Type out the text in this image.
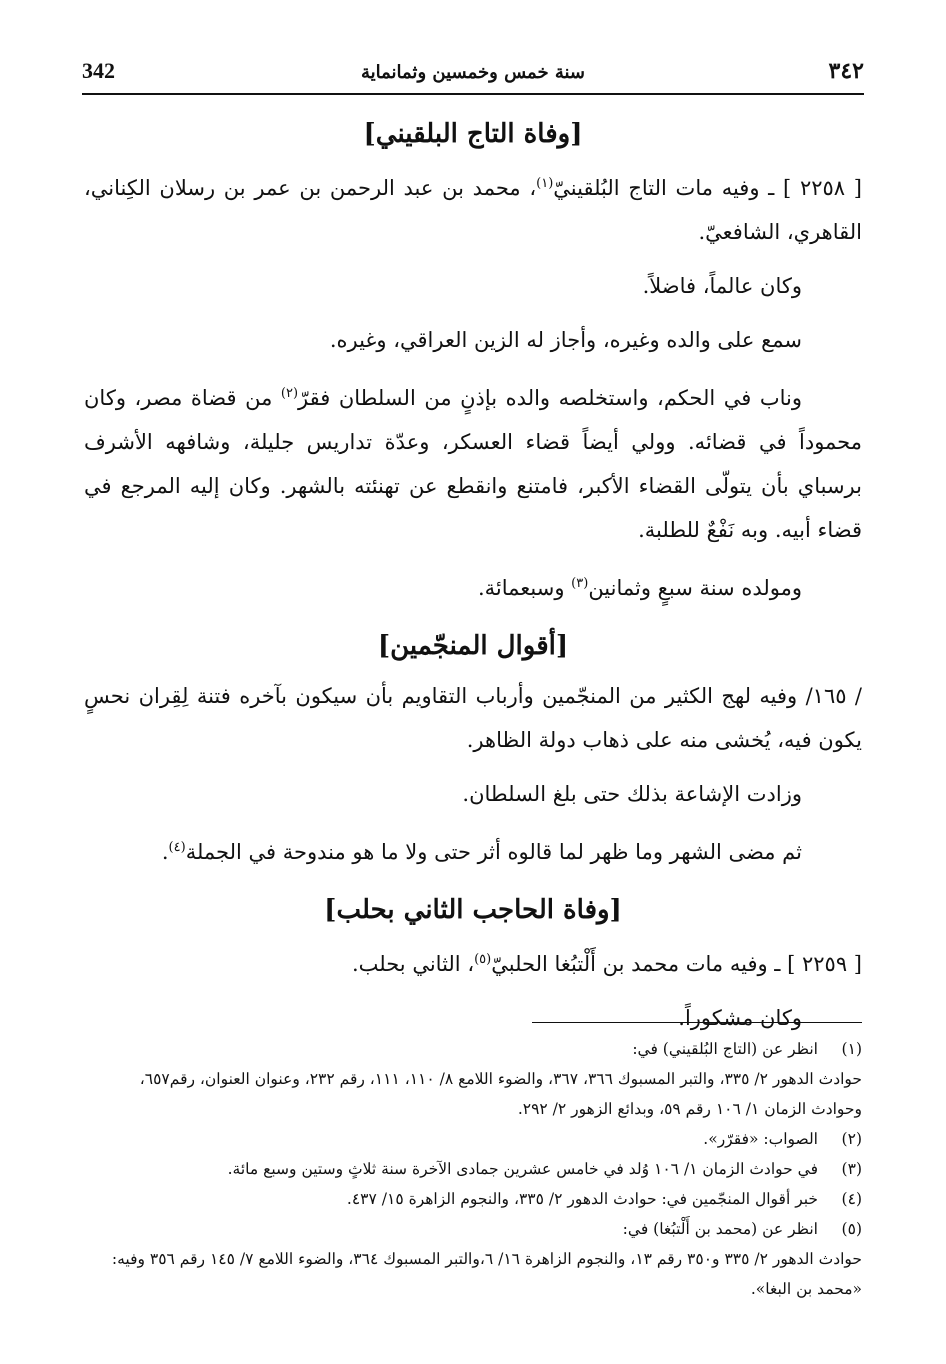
342	سنة خمس وخمسين وثمانماية	٣٤٢
[وفاة التاج البلقيني]

[ ٢٢٥٨ ] ـ وفيه مات التاج البُلقينيّ$^{(١)}$، محمد بن عبد الرحمن بن عمر بن رسلان الكِناني، القاهري، الشافعيّ.

وكان عالماً، فاضلاً.

سمع على والده وغيره، وأجاز له الزين العراقي، وغيره.

وناب في الحكم، واستخلصه والده بإذنٍ من السلطان فقرّ$^{(٢)}$ من قضاة مصر، وكان محموداً في قضائه. وولي أيضاً قضاء العسكر، وعدّة تداريس جليلة، وشافهه الأشرف برسباي بأن يتولّى القضاء الأكبر، فامتنع وانقطع عن تهنئته بالشهر. وكان إليه المرجع في قضاء أبيه. وبه نَفْعٌ للطلبة.

ومولده سنة سبعٍ وثمانين$^{(٣)}$ وسبعمائة.

[أقوال المنجّمين]

/ ١٦٥/ وفيه لهج الكثير من المنجّمين وأرباب التقاويم بأن سيكون بآخره فتنة لِقِران نحسٍ يكون فيه، يُخشى منه على ذهاب دولة الظاهر.

وزادت الإشاعة بذلك حتى بلغ السلطان.

ثم مضى الشهر وما ظهر لما قالوه أثر حتى ولا ما هو مندوحة في الجملة$^{(٤)}$.

[وفاة الحاجب الثاني بحلب]

[ ٢٢٥٩ ] ـ وفيه مات محمد بن أَلْتبُغا الحلبيّ$^{(٥)}$، الثاني بحلب.

وكان مشكوراً.

(١)
انظر عن (التاج البُلقيني) في:
حوادث الدهور ٢/ ٣٣٥، والتبر المسبوك ٣٦٦، ٣٦٧، والضوء اللامع ٨/ ١١٠، ١١١، رقم ٢٣٢، وعنوان العنوان، رقم٦٥٧، وحوادث الزمان ١/ ١٠٦ رقم ٥٩، وبدائع الزهور ٢/ ٢٩٢.
(٢)
الصواب: «فقرّر».
(٣)
في حوادث الزمان ١/ ١٠٦ وُلد في خامس عشرين جمادى الآخرة سنة ثلاثٍ وستين وسبع مائة.
(٤)
خبر أقوال المنجّمين في: حوادث الدهور ٢/ ٣٣٥، والنجوم الزاهرة ١٥/ ٤٣٧.
(٥)
انظر عن (محمد بن أَلْتبُغا) في:
حوادث الدهور ٢/ ٣٣٥ و٣٥٠ رقم ١٣، والنجوم الزاهرة ١٦/ ٦،والتبر المسبوك ٣٦٤، والضوء اللامع ٧/ ١٤٥ رقم ٣٥٦ وفيه: «محمد بن البغا».
